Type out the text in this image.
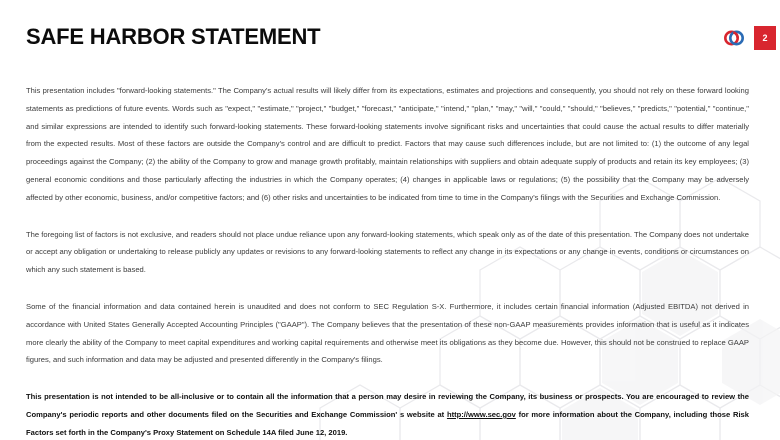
SAFE HARBOR STATEMENT	2

This presentation includes "forward-looking statements." The Company's actual results will likely differ from its expectations, estimates and projections and consequently, you should not rely on these forward looking statements as predictions of future events. Words such as "expect," "estimate," "project," "budget," "forecast," "anticipate," "intend," "plan," "may," "will," "could," "should," "believes," "predicts," "potential," "continue," and similar expressions are intended to identify such forward-looking statements. These forward-looking statements involve significant risks and uncertainties that could cause the actual results to differ materially from the expected results. Most of these factors are outside the Company's control and are difficult to predict. Factors that may cause such differences include, but are not limited to: (1) the outcome of any legal proceedings against the Company; (2) the ability of the Company to grow and manage growth profitably, maintain relationships with suppliers and obtain adequate supply of products and retain its key employees; (3) general economic conditions and those particularly affecting the industries in which the Company operates; (4) changes in applicable laws or regulations; (5) the possibility that the Company may be adversely affected by other economic, business, and/or competitive factors; and (6) other risks and uncertainties to be indicated from time to time in the Company's filings with the Securities and Exchange Commission.

The foregoing list of factors is not exclusive, and readers should not place undue reliance upon any forward-looking statements, which speak only as of the date of this presentation. The Company does not undertake or accept any obligation or undertaking to release publicly any updates or revisions to any forward-looking statements to reflect any change in its expectations or any change in events, conditions or circumstances on which any such statement is based.

Some of the financial information and data contained herein is unaudited and does not conform to SEC Regulation S-X. Furthermore, it includes certain financial information (Adjusted EBITDA) not derived in accordance with United States Generally Accepted Accounting Principles ("GAAP"). The Company believes that the presentation of these non-GAAP measurements provides information that is useful as it indicates more clearly the ability of the Company to meet capital expenditures and working capital requirements and otherwise meet its obligations as they become due. However, this should not be construed to replace GAAP figures, and such information and data may be adjusted and presented differently in the Company's filings.

This presentation is not intended to be all-inclusive or to contain all the information that a person may desire in reviewing the Company, its business or prospects. You are encouraged to review the Company's periodic reports and other documents filed on the Securities and Exchange Commission' s website at http://www.sec.gov for more information about the Company, including those Risk Factors set forth in the Company's Proxy Statement on Schedule 14A filed June 12, 2019.
